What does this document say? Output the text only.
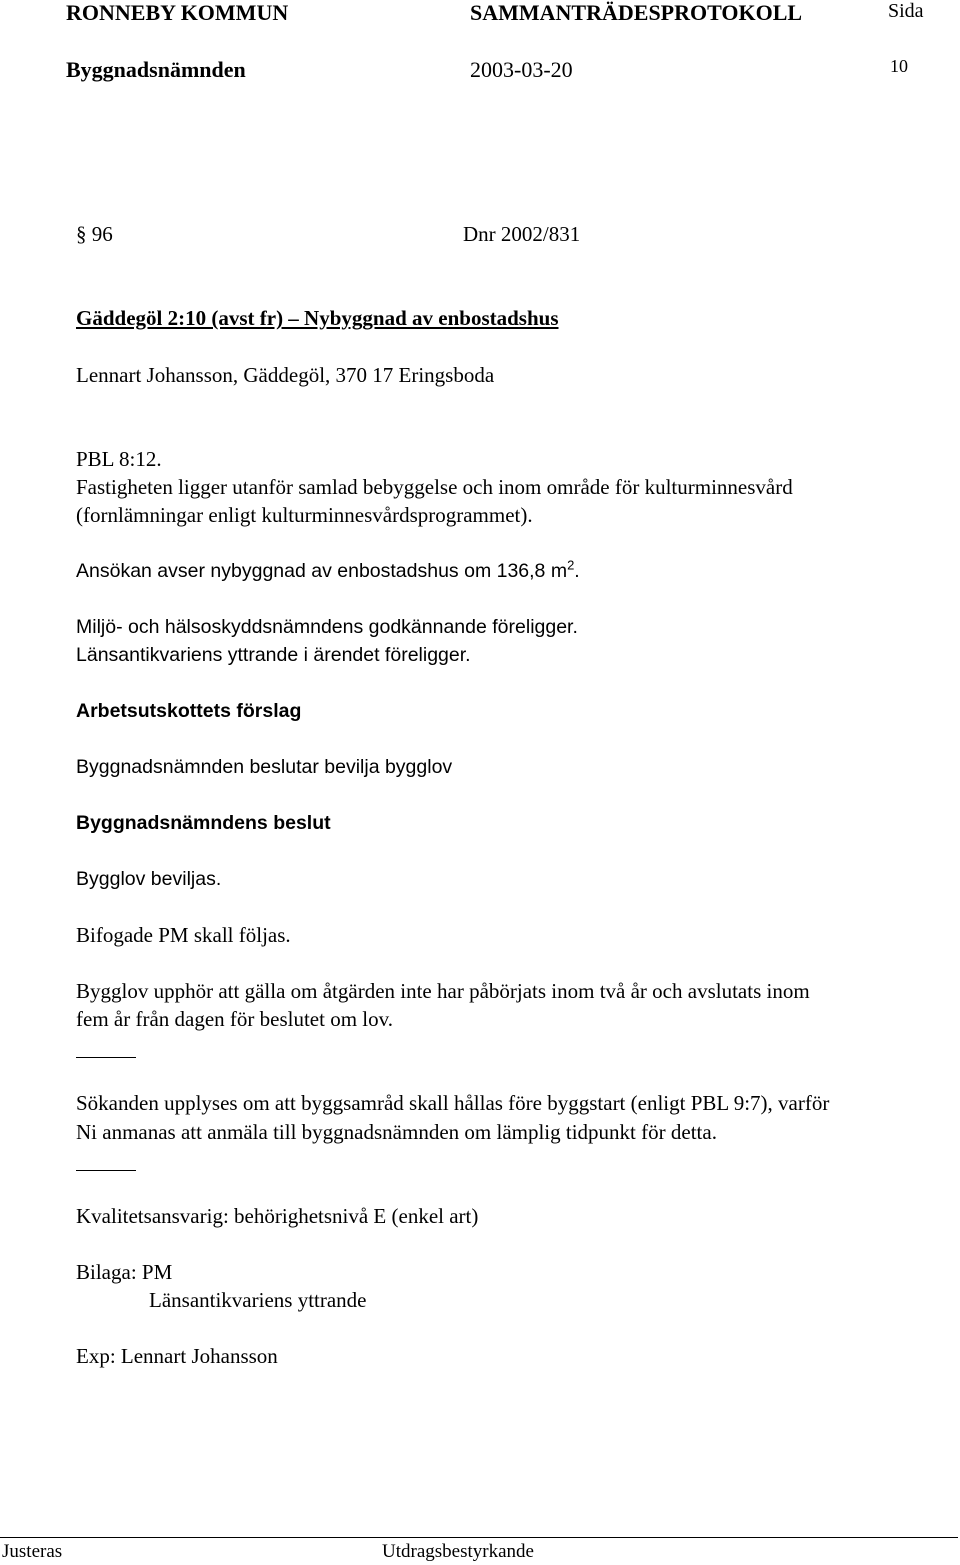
RONNEBY KOMMUN	SAMMANTRÄDESPROTOKOLL	Sida
Byggnadsnämnden	2003-03-20	10
§ 96	Dnr 2002/831
Gäddegöl 2:10 (avst fr) – Nybyggnad av enbostadshus
Lennart Johansson, Gäddegöl, 370 17 Eringsboda
PBL 8:12.
Fastigheten ligger utanför samlad bebyggelse och inom område för kulturminnesvård
(fornlämningar enligt kulturminnesvårdsprogrammet).
Ansökan avser nybyggnad av enbostadshus om 136,8 $m^2$.
Miljö- och hälsoskyddsnämndens godkännande föreligger.
Länsantikvariens yttrande i ärendet föreligger.
Arbetsutskottets förslag
Byggnadsnämnden beslutar bevilja bygglov
Byggnadsnämndens beslut
Bygglov beviljas.
Bifogade PM skall följas.
Bygglov upphör att gälla om åtgärden inte har påbörjats inom två år och avslutats inom
fem år från dagen för beslutet om lov.
Sökanden upplyses om att byggsamråd skall hållas före byggstart (enligt PBL 9:7), varför
Ni anmanas att anmäla till byggnadsnämnden om lämplig tidpunkt för detta.
Kvalitetsansvarig: behörighetsnivå E (enkel art)
Bilaga: PM
Länsantikvariens yttrande
Exp: Lennart Johansson
Justeras	Utdragsbestyrkande
